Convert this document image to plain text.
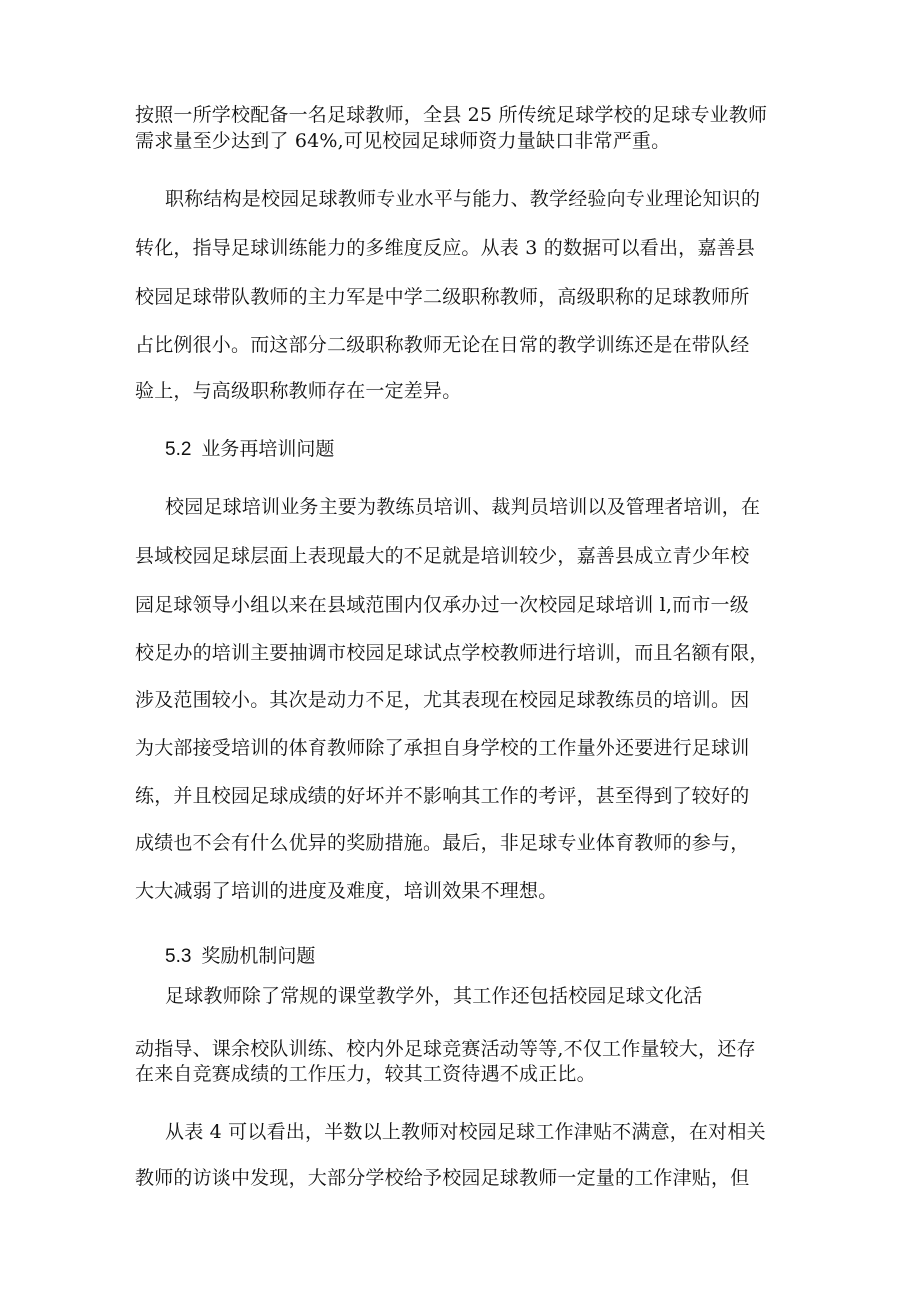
按照一所学校配备一名足球教师，全县 25 所传统足球学校的足球专业教师
需求量至少达到了 64%,可见校园足球师资力量缺口非常严重。
职称结构是校园足球教师专业水平与能力、教学经验向专业理论知识的
转化，指导足球训练能力的多维度反应。从表 3 的数据可以看出，嘉善县
校园足球带队教师的主力军是中学二级职称教师，高级职称的足球教师所
占比例很小。而这部分二级职称教师无论在日常的教学训练还是在带队经
验上，与高级职称教师存在一定差异。
5.2 业务再培训问题
校园足球培训业务主要为教练员培训、裁判员培训以及管理者培训，在
县域校园足球层面上表现最大的不足就是培训较少，嘉善县成立青少年校
园足球领导小组以来在县域范围内仅承办过一次校园足球培训 l,而市一级
校足办的培训主要抽调市校园足球试点学校教师进行培训，而且名额有限，
涉及范围较小。其次是动力不足，尤其表现在校园足球教练员的培训。因
为大部接受培训的体育教师除了承担自身学校的工作量外还要进行足球训
练，并且校园足球成绩的好坏并不影响其工作的考评，甚至得到了较好的
成绩也不会有什么优异的奖励措施。最后，非足球专业体育教师的参与，
大大减弱了培训的进度及难度，培训效果不理想。
5.3 奖励机制问题
足球教师除了常规的课堂教学外，其工作还包括校园足球文化活
动指导、课余校队训练、校内外足球竞赛活动等等,不仅工作量较大，还存
在来自竞赛成绩的工作压力，较其工资待遇不成正比。
从表 4 可以看出，半数以上教师对校园足球工作津贴不满意，在对相关
教师的访谈中发现，大部分学校给予校园足球教师一定量的工作津贴，但
